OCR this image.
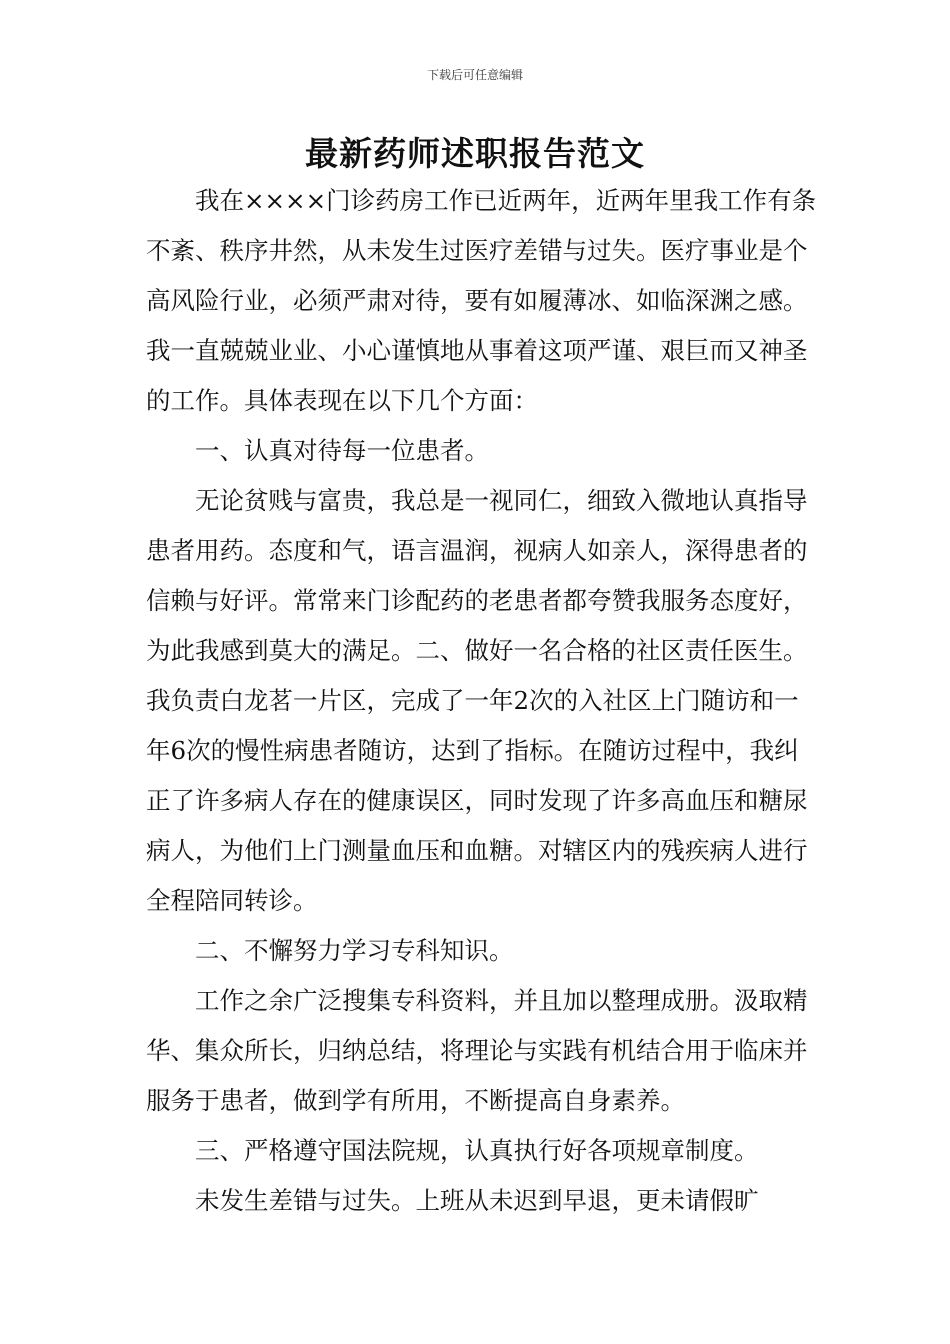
下载后可任意编辑
最新药师述职报告范文

我在××××门诊药房工作已近两年，近两年里我工作有条不紊、秩序井然，从未发生过医疗差错与过失。医疗事业是个高风险行业，必须严肃对待，要有如履薄冰、如临深渊之感。我一直兢兢业业、小心谨慎地从事着这项严谨、艰巨而又神圣的工作。具体表现在以下几个方面：

一、认真对待每一位患者。

无论贫贱与富贵，我总是一视同仁，细致入微地认真指导患者用药。态度和气，语言温润，视病人如亲人，深得患者的信赖与好评。常常来门诊配药的老患者都夸赞我服务态度好，为此我感到莫大的满足。二、做好一名合格的社区责任医生。我负责白龙茗一片区，完成了一年2次的入社区上门随访和一年6次的慢性病患者随访，达到了指标。在随访过程中，我纠正了许多病人存在的健康误区，同时发现了许多高血压和糖尿病人，为他们上门测量血压和血糖。对辖区内的残疾病人进行全程陪同转诊。

二、不懈努力学习专科知识。

工作之余广泛搜集专科资料，并且加以整理成册。汲取精华、集众所长，归纳总结，将理论与实践有机结合用于临床并服务于患者，做到学有所用，不断提高自身素养。

三、严格遵守国法院规，认真执行好各项规章制度。

未发生差错与过失。上班从未迟到早退，更未请假旷
